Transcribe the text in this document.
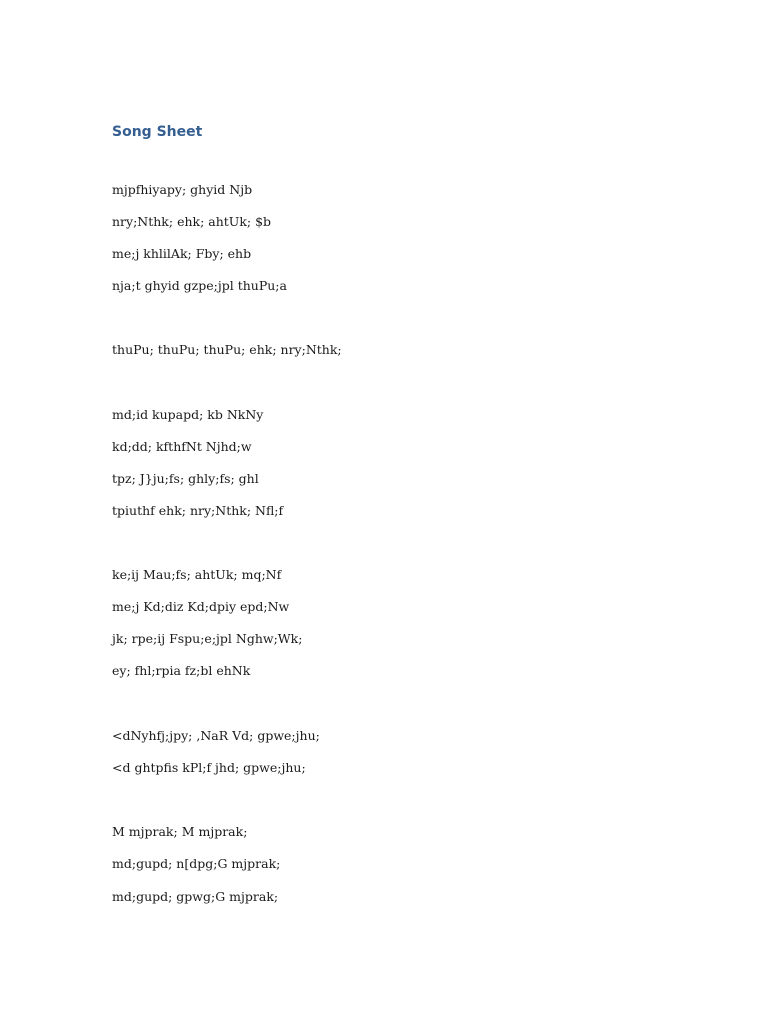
Song Sheet

mjpfhiyapy; ghyid Njb

nry;Nthk; ehk; ahtUk; $b

me;j khlilAk; Fby; ehb

nja;t ghyid gzpe;jpl thuPu;a

thuPu; thuPu; thuPu; ehk; nry;Nthk;

md;id kupapd; kb NkNy

kd;dd; kfthfNt Njhd;w

tpz; J}ju;fs; ghly;fs; ghl

tpiuthf ehk; nry;Nthk; Nfl;f

ke;ij Mau;fs; ahtUk; mq;Nf

me;j Kd;diz Kd;dpiy epd;Nw

jk; rpe;ij Fspu;e;jpl Nghw;Wk;

ey; fhl;rpia fz;bl ehNk

<dNyhfj;jpy; ,NaR Vd; gpwe;jhu;

<d ghtpfis kPl;f jhd; gpwe;jhu;

M mjprak; M mjprak;

md;gupd; n[dpg;G mjprak;

md;gupd; gpwg;G mjprak;
